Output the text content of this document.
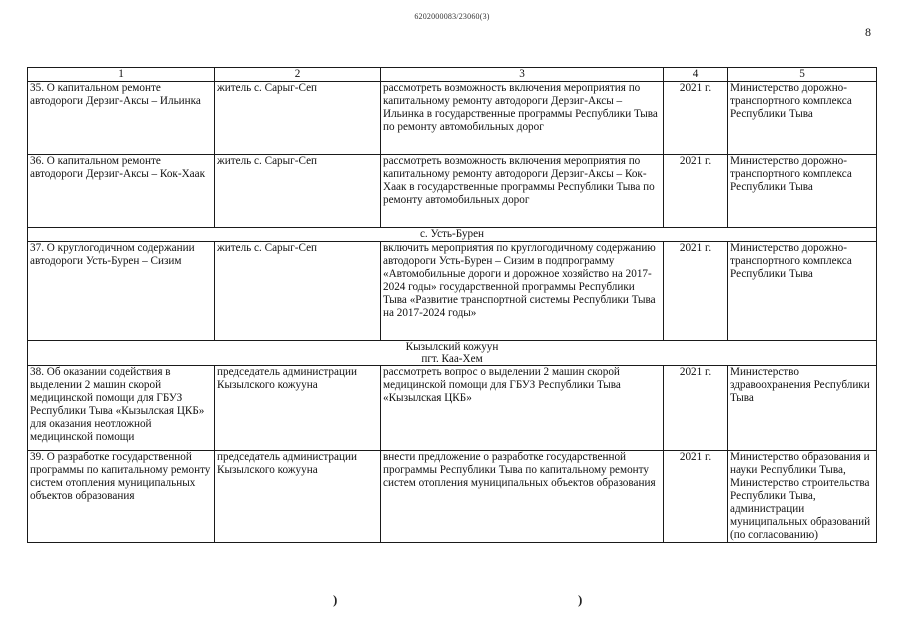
6202000083/23060(3)
8
1	2	3	4	5
35. О капитальном ремонте автодороги Дерзиг-Аксы – Ильинка	житель с. Сарыг-Сеп	рассмотреть возможность включения мероприятия по капитальному ремонту автодороги Дерзиг-Аксы – Ильинка в государственные программы Республики Тыва по ремонту автомобильных дорог	2021 г.	Министерство дорожно-транспортного комплекса Республики Тыва
36. О капитальном ремонте автодороги Дерзиг-Аксы – Кок-Хаак	житель с. Сарыг-Сеп	рассмотреть возможность включения мероприятия по капитальному ремонту автодороги Дерзиг-Аксы – Кок-Хаак в государственные программы Республики Тыва по ремонту автомобильных дорог	2021 г.	Министерство дорожно-транспортного комплекса Республики Тыва
с. Усть-Бурен				
37. О круглогодичном содержании автодороги Усть-Бурен – Сизим	житель с. Сарыг-Сеп	включить мероприятия по круглогодичному содержанию автодороги Усть-Бурен – Сизим в подпрограмму «Автомобильные дороги и дорожное хозяйство на 2017-2024 годы» государственной программы Республики Тыва «Развитие транспортной системы Республики Тыва на 2017-2024 годы»	2021 г.	Министерство дорожно-транспортного комплекса Республики Тыва

Кызылский кожуун
пгт. Каа-Хем				

38. Об оказании содействия в выделении 2 машин скорой медицинской помощи для ГБУЗ Республики Тыва «Кызылская ЦКБ» для оказания неотложной медицинской помощи	председатель администрации Кызылского кожууна	рассмотреть вопрос о выделении 2 машин скорой медицинской помощи для ГБУЗ Республики Тыва «Кызылская ЦКБ»	2021 г.	Министерство здравоохранения Республики Тыва
39. О разработке государственной программы по капитальному ремонту систем отопления муниципальных объектов образования	председатель администрации Кызылского кожууна	внести предложение о разработке государственной программы Республики Тыва по капитальному ремонту систем отопления муниципальных объектов образования	2021 г.	Министерство образования и науки Республики Тыва, Министерство строительства Республики Тыва, администрации муниципальных образований (по согласованию)
)	)
